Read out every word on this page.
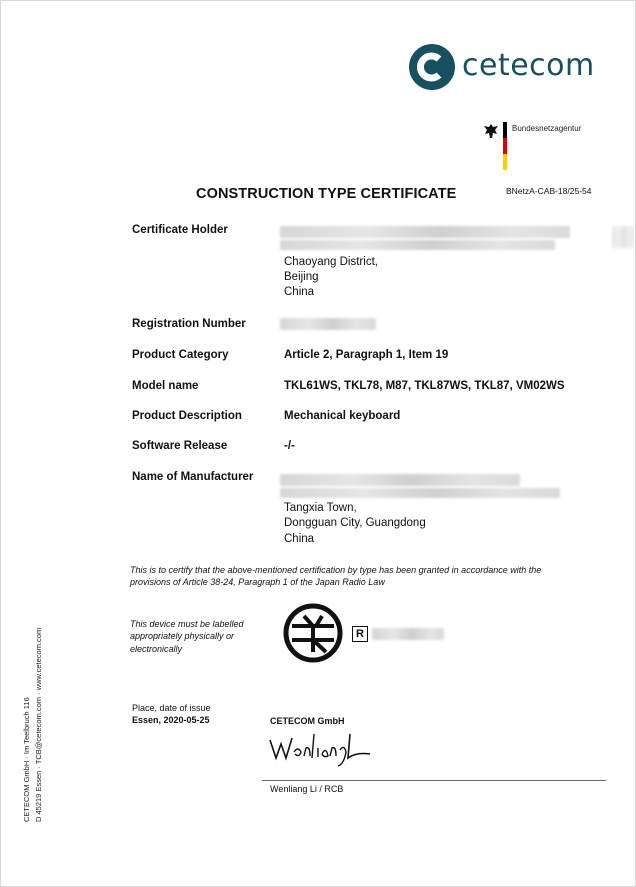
cetecom
Bundesnetzagentur
CONSTRUCTION TYPE CERTIFICATE	BNetzA-CAB-18/25-54
Certificate Holder
Chaoyang District,
Beijing
China
Registration Number
Product Category	Article 2, Paragraph 1, Item 19
Model name	TKL61WS, TKL78, M87, TKL87WS, TKL87, VM02WS
Product Description	Mechanical keyboard
Software Release	-/-
Name of Manufacturer
Tangxia Town,
Dongguan City, Guangdong
China
This is to certify that the above-mentioned certification by type has been granted in accordance with the
provisions of Article 38-24, Paragraph 1 of the Japan Radio Law
This device must be labelled
appropriately physically or
electronically
R
Place, date of issue
Essen, 2020-05-25	CETECOM GmbH
Wenliang Li / RCB
CETECOM GmbH · Im Teelbruch 116 D 45219 Essen · TCB@cetecom.com · www.cetecom.com
